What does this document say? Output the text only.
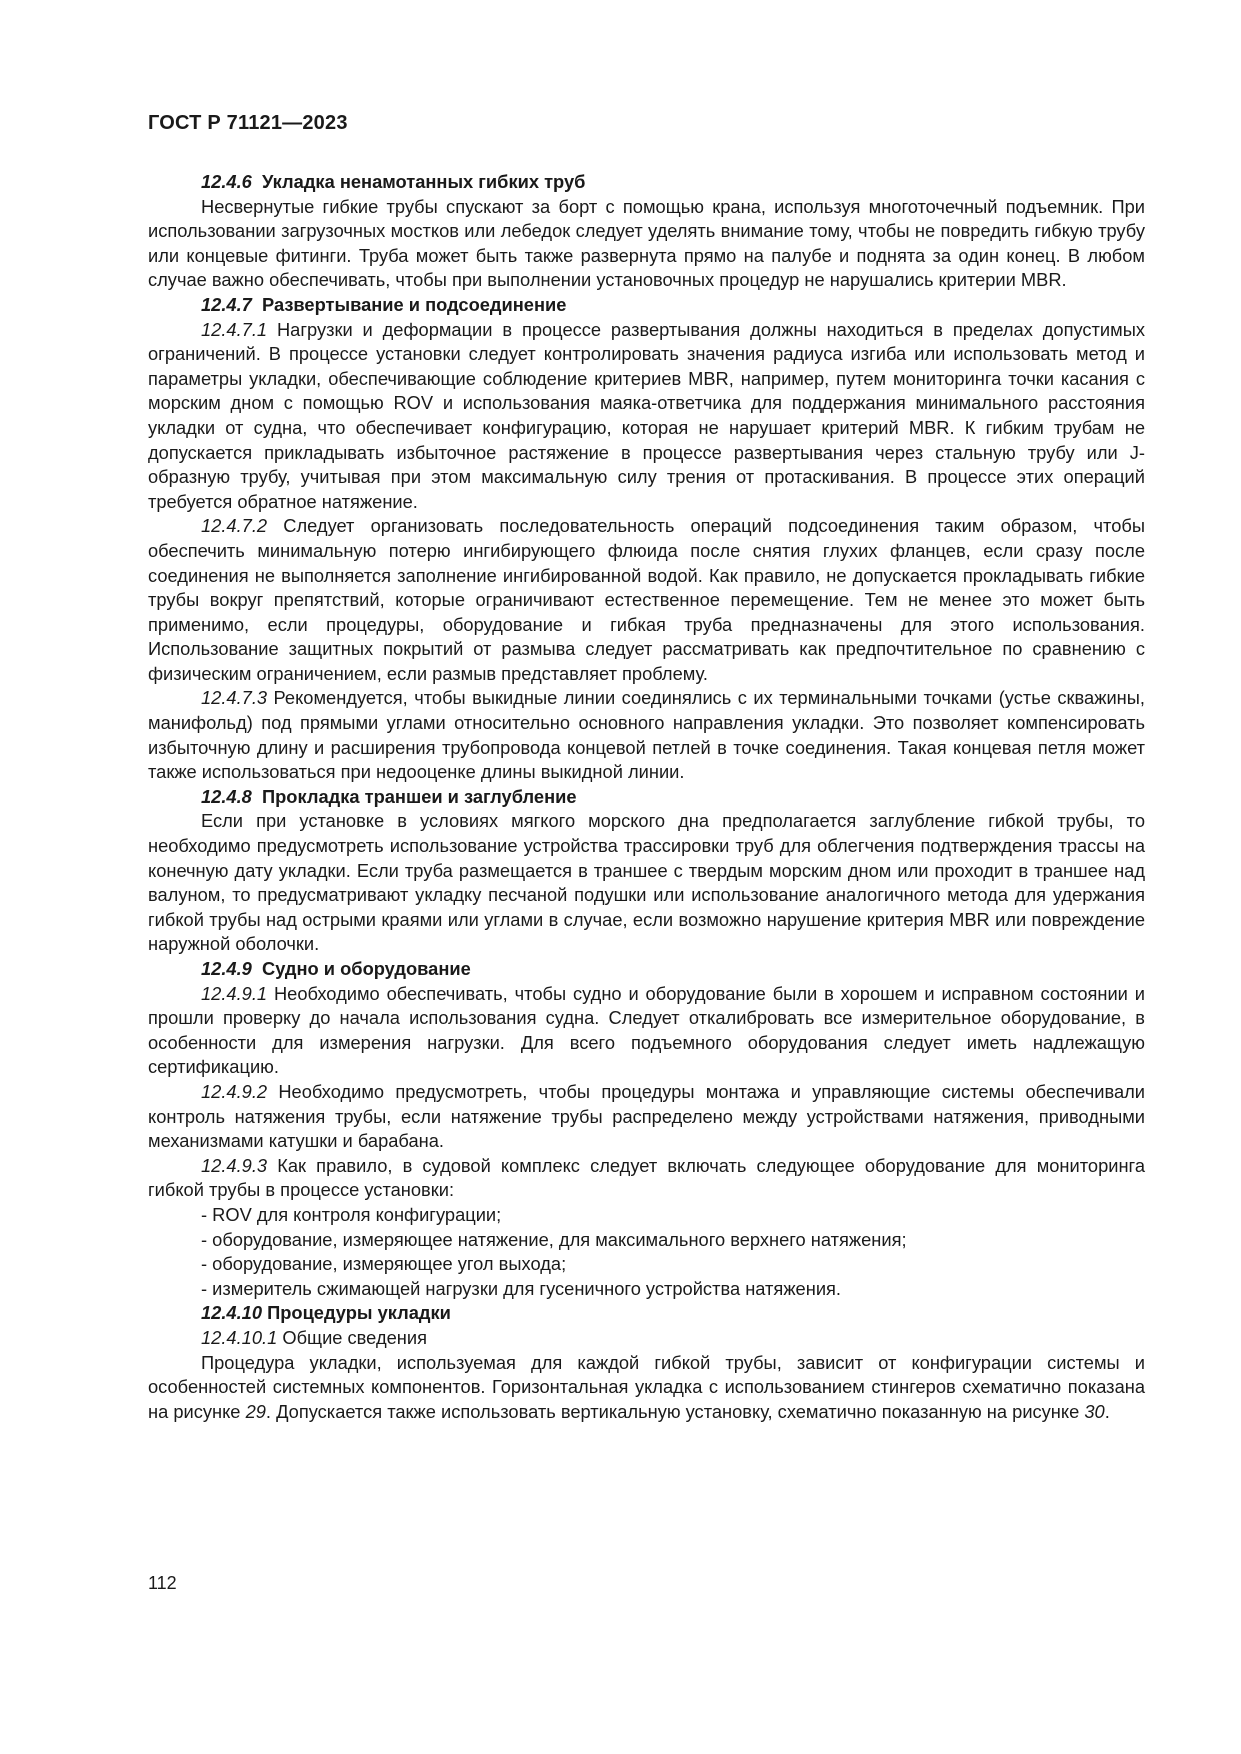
ГОСТ Р 71121—2023

12.4.6 Укладка ненамотанных гибких труб

Несвернутые гибкие трубы спускают за борт с помощью крана, используя многоточечный подъемник. При использовании загрузочных мостков или лебедок следует уделять внимание тому, чтобы не повредить гибкую трубу или концевые фитинги. Труба может быть также развернута прямо на палубе и поднята за один конец. В любом случае важно обеспечивать, чтобы при выполнении установочных процедур не нарушались критерии MBR.

12.4.7 Развертывание и подсоединение

12.4.7.1 Нагрузки и деформации в процессе развертывания должны находиться в пределах допустимых ограничений. В процессе установки следует контролировать значения радиуса изгиба или использовать метод и параметры укладки, обеспечивающие соблюдение критериев MBR, например, путем мониторинга точки касания с морским дном с помощью ROV и использования маяка-ответчика для поддержания минимального расстояния укладки от судна, что обеспечивает конфигурацию, которая не нарушает критерий MBR. К гибким трубам не допускается прикладывать избыточное растяжение в процессе развертывания через стальную трубу или J-образную трубу, учитывая при этом максимальную силу трения от протаскивания. В процессе этих операций требуется обратное натяжение.

12.4.7.2 Следует организовать последовательность операций подсоединения таким образом, чтобы обеспечить минимальную потерю ингибирующего флюида после снятия глухих фланцев, если сразу после соединения не выполняется заполнение ингибированной водой. Как правило, не допускается прокладывать гибкие трубы вокруг препятствий, которые ограничивают естественное перемещение. Тем не менее это может быть применимо, если процедуры, оборудование и гибкая труба предназначены для этого использования. Использование защитных покрытий от размыва следует рассматривать как предпочтительное по сравнению с физическим ограничением, если размыв представляет проблему.

12.4.7.3 Рекомендуется, чтобы выкидные линии соединялись с их терминальными точками (устье скважины, манифольд) под прямыми углами относительно основного направления укладки. Это позволяет компенсировать избыточную длину и расширения трубопровода концевой петлей в точке соединения. Такая концевая петля может также использоваться при недооценке длины выкидной линии.

12.4.8 Прокладка траншеи и заглубление

Если при установке в условиях мягкого морского дна предполагается заглубление гибкой трубы, то необходимо предусмотреть использование устройства трассировки труб для облегчения подтверждения трассы на конечную дату укладки. Если труба размещается в траншее с твердым морским дном или проходит в траншее над валуном, то предусматривают укладку песчаной подушки или использование аналогичного метода для удержания гибкой трубы над острыми краями или углами в случае, если возможно нарушение критерия MBR или повреждение наружной оболочки.

12.4.9 Судно и оборудование

12.4.9.1 Необходимо обеспечивать, чтобы судно и оборудование были в хорошем и исправном состоянии и прошли проверку до начала использования судна. Следует откалибровать все измерительное оборудование, в особенности для измерения нагрузки. Для всего подъемного оборудования следует иметь надлежащую сертификацию.

12.4.9.2 Необходимо предусмотреть, чтобы процедуры монтажа и управляющие системы обеспечивали контроль натяжения трубы, если натяжение трубы распределено между устройствами натяжения, приводными механизмами катушки и барабана.

12.4.9.3 Как правило, в судовой комплекс следует включать следующее оборудование для мониторинга гибкой трубы в процессе установки:

- ROV для контроля конфигурации;

- оборудование, измеряющее натяжение, для максимального верхнего натяжения;

- оборудование, измеряющее угол выхода;

- измеритель сжимающей нагрузки для гусеничного устройства натяжения.

12.4.10 Процедуры укладки

12.4.10.1 Общие сведения

Процедура укладки, используемая для каждой гибкой трубы, зависит от конфигурации системы и особенностей системных компонентов. Горизонтальная укладка с использованием стингеров схематично показана на рисунке 29. Допускается также использовать вертикальную установку, схематично показанную на рисунке 30.

112
